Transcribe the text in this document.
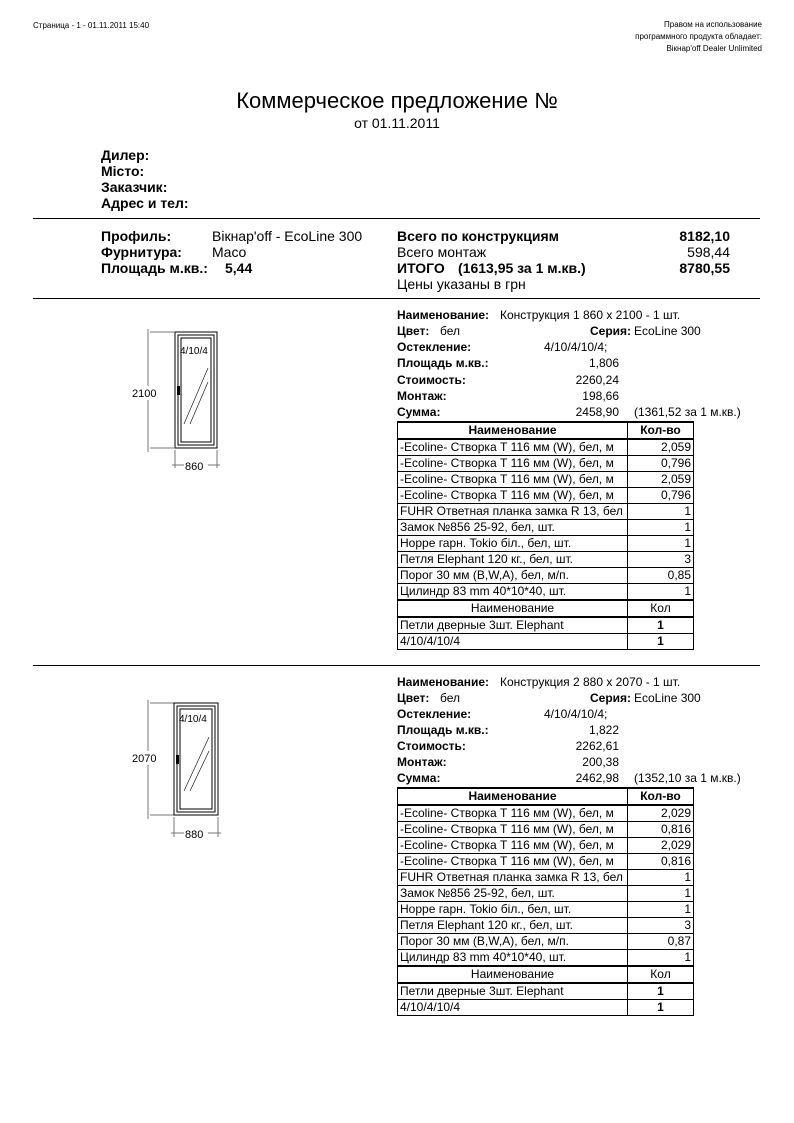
Страница - 1 - 01.11.2011 15:40	Правом на использование
программного продукта обладает:
Вікнар'off Dealer Unlimited
Коммерческое предложение №
от 01.11.2011
Дилер:
Місто:
Заказчик:
Адрес и тел:
Профиль:	Вікнар'off - EcoLine 300
Фурнитура: Maco
Площадь м.кв.: 5,44
Всего по конструкциям	8182,10
Всего монтаж	598,44
ИТОГО (1613,95 за 1 м.кв.)	8780,55
Цены указаны в грн
2100
860
4/10/4
Наименование: Конструкция 1 860 x 2100 - 1 шт.
Цвет: бел	Серия: EcoLine 300
Остекление:	4/10/4/10/4;
Площадь м.кв.:	1,806
Стоимость:	2260,24
Монтаж:	198,66
Сумма:	2458,90 (1361,52 за 1 м.кв.)
Наименование	Кол-во
-Ecoline- Створка Т 116 мм (W), бел, м	2,059
-Ecoline- Створка Т 116 мм (W), бел, м	0,796
-Ecoline- Створка Т 116 мм (W), бел, м	2,059
-Ecoline- Створка Т 116 мм (W), бел, м	0,796
FUHR Ответная планка замка R 13, бел	1
Замок №856 25-92, бел, шт.	1
Норре гарн. Tokio біл., бел, шт.	1
Петля Elephant 120 кг., бел, шт.	3
Порог 30 мм (B,W,A), бел, м/п.	0,85
Цилиндр 83 mm 40*10*40, шт.	1
Наименование	Кол
Петли дверные 3шт. Elephant	1
4/10/4/10/4	1
2070
880
4/10/4
Наименование: Конструкция 2 880 x 2070 - 1 шт.
Цвет: бел	Серия: EcoLine 300
Остекление:	4/10/4/10/4;
Площадь м.кв.:	1,822
Стоимость:	2262,61
Монтаж:	200,38
Сумма:	2462,98 (1352,10 за 1 м.кв.)
Наименование	Кол-во
-Ecoline- Створка Т 116 мм (W), бел, м	2,029
-Ecoline- Створка Т 116 мм (W), бел, м	0,816
-Ecoline- Створка Т 116 мм (W), бел, м	2,029
-Ecoline- Створка Т 116 мм (W), бел, м	0,816
FUHR Ответная планка замка R 13, бел	1
Замок №856 25-92, бел, шт.	1
Норре гарн. Tokio біл., бел, шт.	1
Петля Elephant 120 кг., бел, шт.	3
Порог 30 мм (B,W,A), бел, м/п.	0,87
Цилиндр 83 mm 40*10*40, шт.	1
Наименование	Кол
Петли дверные 3шт. Elephant	1
4/10/4/10/4	1
